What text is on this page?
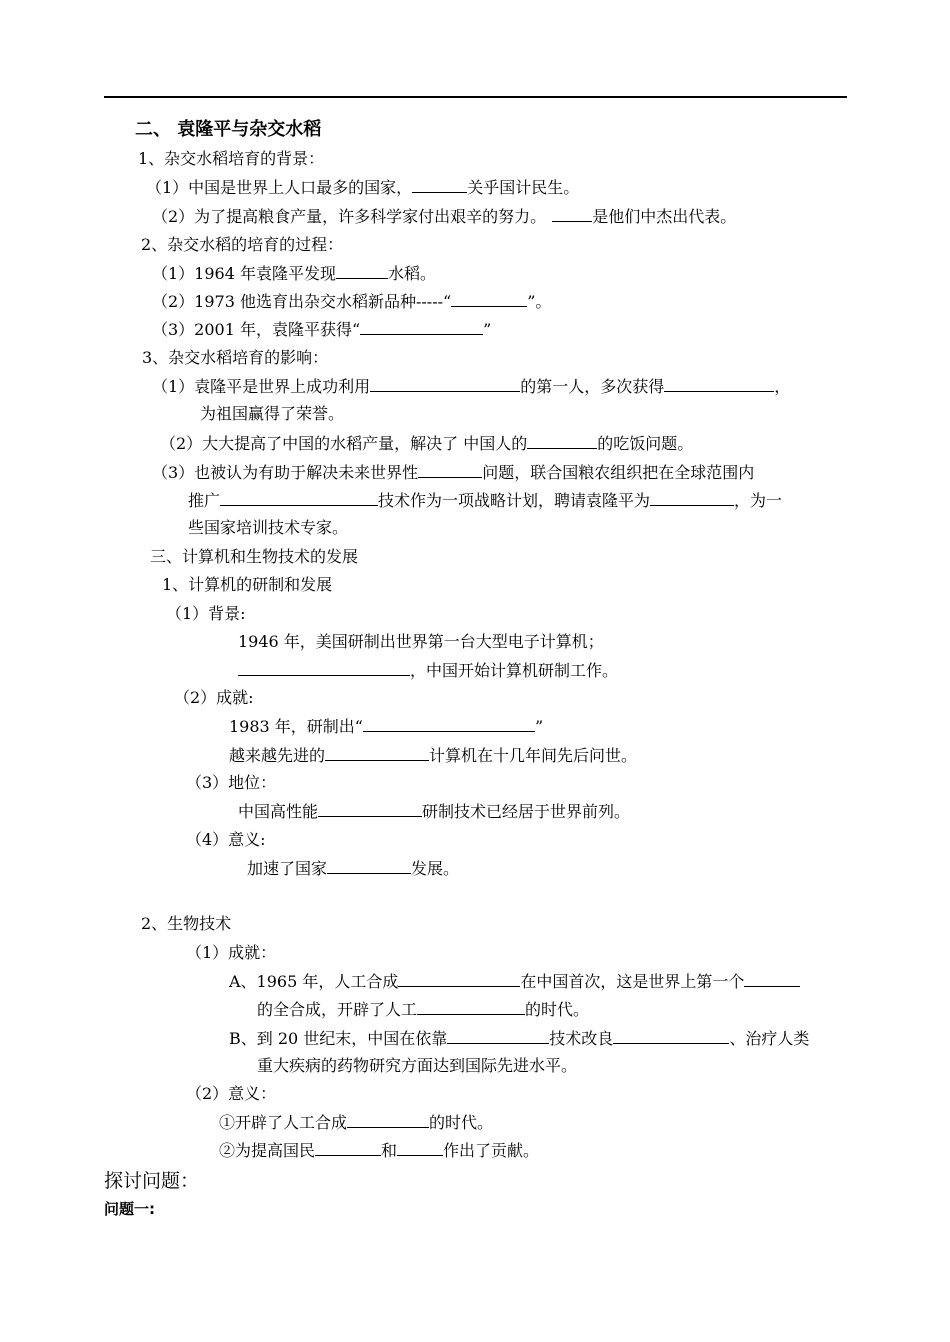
二、 袁隆平与杂交水稻
1、杂交水稻培育的背景：
（1）中国是世界上人口最多的国家，	关乎国计民生。
（2）为了提高粮食产量，许多科学家付出艰辛的努力。	是他们中杰出代表。
2、杂交水稻的培育的过程：
（1）1964 年袁隆平发现	水稻。
（2）1973 他选育出杂交水稻新品种-----“	”。
（3）2001 年，袁隆平获得“	”
3、杂交水稻培育的影响：
（1）袁隆平是世界上成功利用	的第一人，多次获得	，
为祖国赢得了荣誉。
（2）大大提高了中国的水稻产量，解决了 中国人的	的吃饭问题。
（3）也被认为有助于解决未来世界性	问题，联合国粮农组织把在全球范围内
推广	技术作为一项战略计划，聘请袁隆平为	，为一
些国家培训技术专家。
三、计算机和生物技术的发展
1、计算机的研制和发展
（1）背景:
1946 年，美国研制出世界第一台大型电子计算机；
，中国开始计算机研制工作。
（2）成就:
1983 年，研制出“	”
越来越先进的	计算机在十几年间先后问世。
（3）地位：
中国高性能	研制技术已经居于世界前列。
（4）意义:
加速了国家	发展。
2、生物技术
（1）成就：
A、1965 年，人工合成	在中国首次，这是世界上第一个
的全合成，开辟了人工	的时代。
B、到 20 世纪末，中国在依靠	技术改良	、治疗人类
重大疾病的药物研究方面达到国际先进水平。
（2）意义：
①开辟了人工合成	的时代。
②为提高国民	和	作出了贡献。
探讨问题：
问题一:
